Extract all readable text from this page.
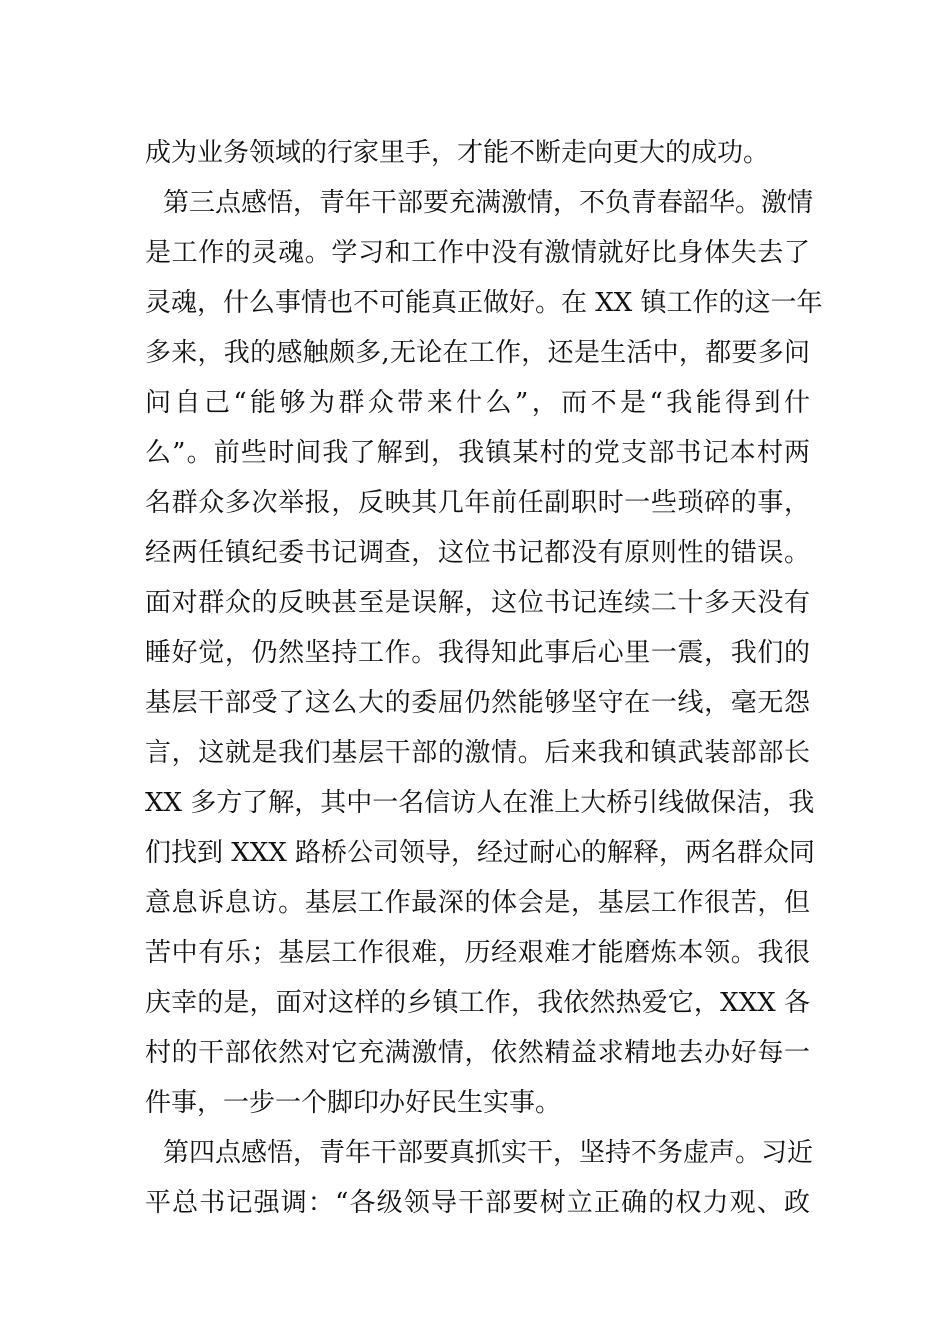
成为业务领域的行家里手，才能不断走向更大的成功。
第三点感悟，青年干部要充满激情，不负青春韶华。激情
是工作的灵魂。学习和工作中没有激情就好比身体失去了
灵魂，什么事情也不可能真正做好。在 XX 镇工作的这一年
多来，我的感触颇多,无论在工作，还是生活中，都要多问
问自己“能够为群众带来什么”，而不是“我能得到什
么”。前些时间我了解到，我镇某村的党支部书记本村两
名群众多次举报，反映其几年前任副职时一些琐碎的事，
经两任镇纪委书记调查，这位书记都没有原则性的错误。
面对群众的反映甚至是误解，这位书记连续二十多天没有
睡好觉，仍然坚持工作。我得知此事后心里一震，我们的
基层干部受了这么大的委屈仍然能够坚守在一线，毫无怨
言，这就是我们基层干部的激情。后来我和镇武装部部长
XX 多方了解，其中一名信访人在淮上大桥引线做保洁，我
们找到 XXX 路桥公司领导，经过耐心的解释，两名群众同
意息诉息访。基层工作最深的体会是，基层工作很苦，但
苦中有乐；基层工作很难，历经艰难才能磨炼本领。我很
庆幸的是，面对这样的乡镇工作，我依然热爱它，XXX 各
村的干部依然对它充满激情，依然精益求精地去办好每一
件事，一步一个脚印办好民生实事。
第四点感悟，青年干部要真抓实干，坚持不务虚声。习近
平总书记强调：“各级领导干部要树立正确的权力观、政
